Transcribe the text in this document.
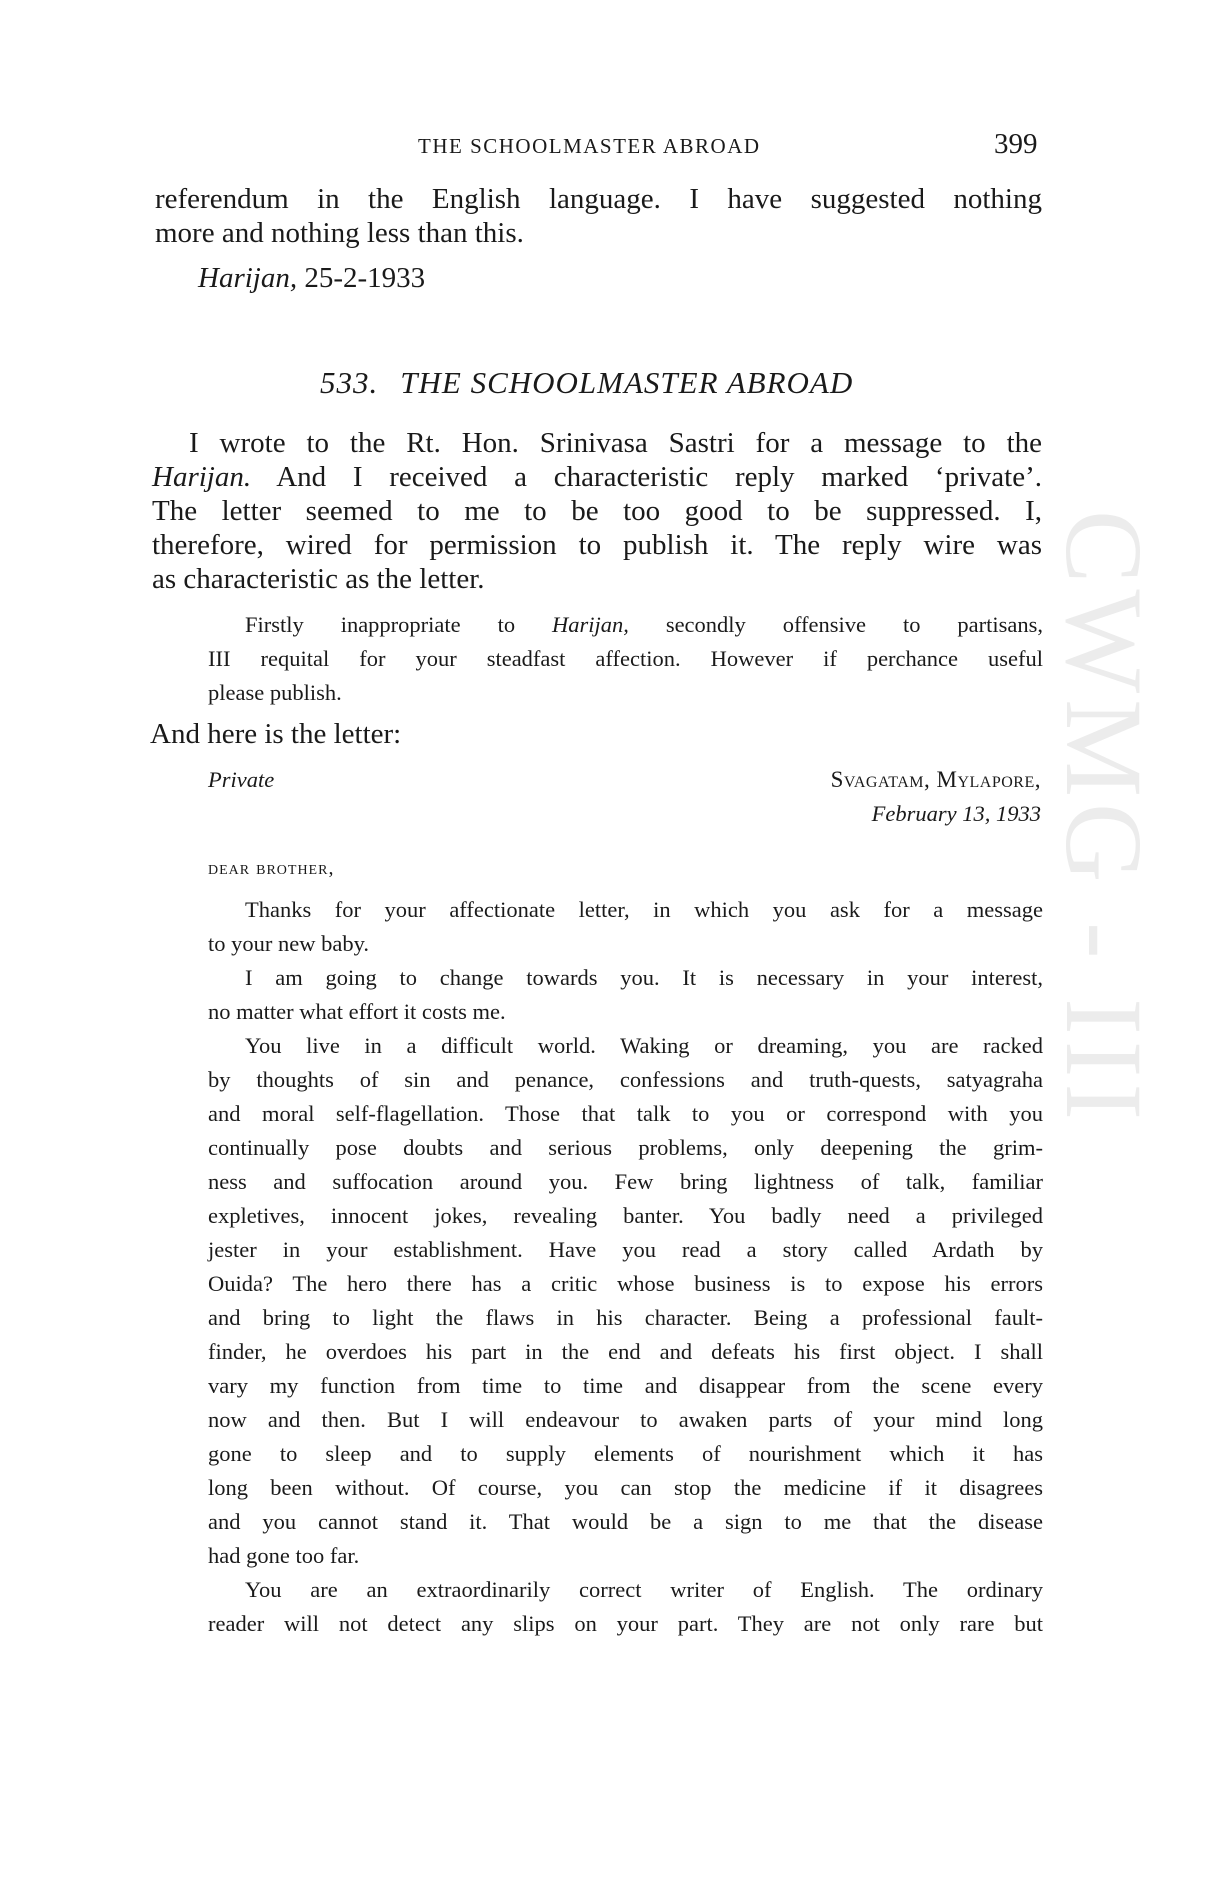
CWMG - III
THE SCHOOLMASTER ABROAD	399
referendum in the English language. I have suggested nothing
more and nothing less than this.
Harijan, 25-2-1933
533. THE SCHOOLMASTER ABROAD
I wrote to the Rt. Hon. Srinivasa Sastri for a message to the
Harijan. And I received a characteristic reply marked ‘private’.
The letter seemed to me to be too good to be suppressed. I,
therefore, wired for permission to publish it. The reply wire was
as characteristic as the letter.
Firstly inappropriate to Harijan, secondly offensive to partisans,
III requital for your steadfast affection. However if perchance useful
please publish.
And here is the letter:
Private	Svagatam, Mylapore,
February 13, 1933
dear brother,
Thanks for your affectionate letter, in which you ask for a message
to your new baby.
I am going to change towards you. It is necessary in your interest,
no matter what effort it costs me.
You live in a difficult world. Waking or dreaming, you are racked
by thoughts of sin and penance, confessions and truth-quests, satyagraha
and moral self-flagellation. Those that talk to you or correspond with you
continually pose doubts and serious problems, only deepening the grim-
ness and suffocation around you. Few bring lightness of talk, familiar
expletives, innocent jokes, revealing banter. You badly need a privileged
jester in your establishment. Have you read a story called Ardath by
Ouida? The hero there has a critic whose business is to expose his errors
and bring to light the flaws in his character. Being a professional fault-
finder, he overdoes his part in the end and defeats his first object. I shall
vary my function from time to time and disappear from the scene every
now and then. But I will endeavour to awaken parts of your mind long
gone to sleep and to supply elements of nourishment which it has
long been without. Of course, you can stop the medicine if it disagrees
and you cannot stand it. That would be a sign to me that the disease
had gone too far.
You are an extraordinarily correct writer of English. The ordinary
reader will not detect any slips on your part. They are not only rare but
